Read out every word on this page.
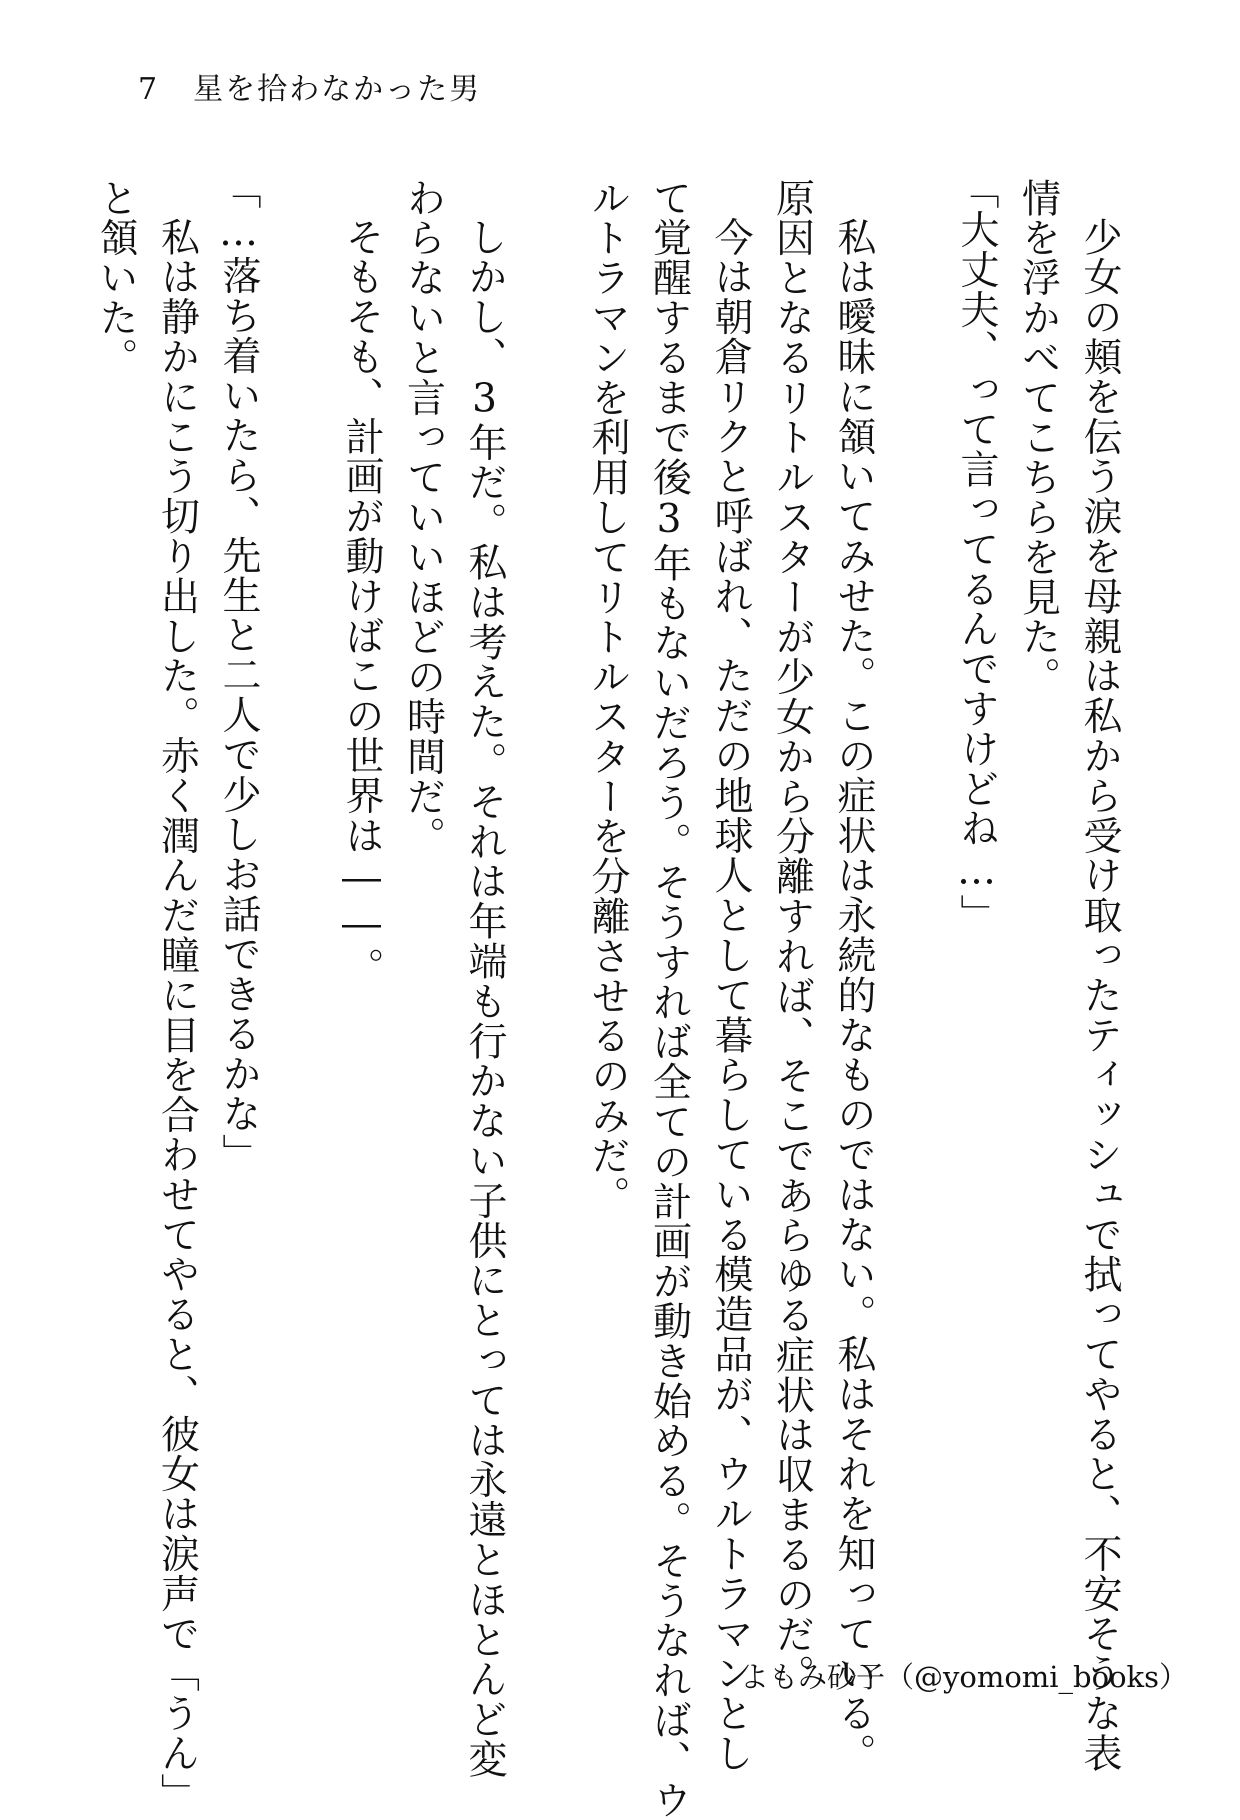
7 星を拾わなかった男

少女の頬を伝う涙を母親は私から受け取ったティッシュで拭ってやると、不安そうな表

情を浮かべてこちらを見た。

「大丈夫、って言ってるんですけどね…」

私は曖昧に頷いてみせた。この症状は永続的なものではない。私はそれを知っている。

原因となるリトルスターが少女から分離すれば、そこであらゆる症状は収まるのだ。

今は朝倉リクと呼ばれ、ただの地球人として暮らしている模造品が、ウルトラマンとし

て覚醒するまで後3年もないだろう。そうすれば全ての計画が動き始める。そうなれば、ウ

ルトラマンを利用してリトルスターを分離させるのみだ。

しかし、3年だ。私は考えた。それは年端も行かない子供にとっては永遠とほとんど変

わらないと言っていいほどの時間だ。

そもそも、計画が動けばこの世界は――。

「…落ち着いたら、先生と二人で少しお話できるかな」

私は静かにこう切り出した。赤く潤んだ瞳に目を合わせてやると、彼女は涙声で「うん」

と頷いた。

よもみ砂子（@yomomi_books）
